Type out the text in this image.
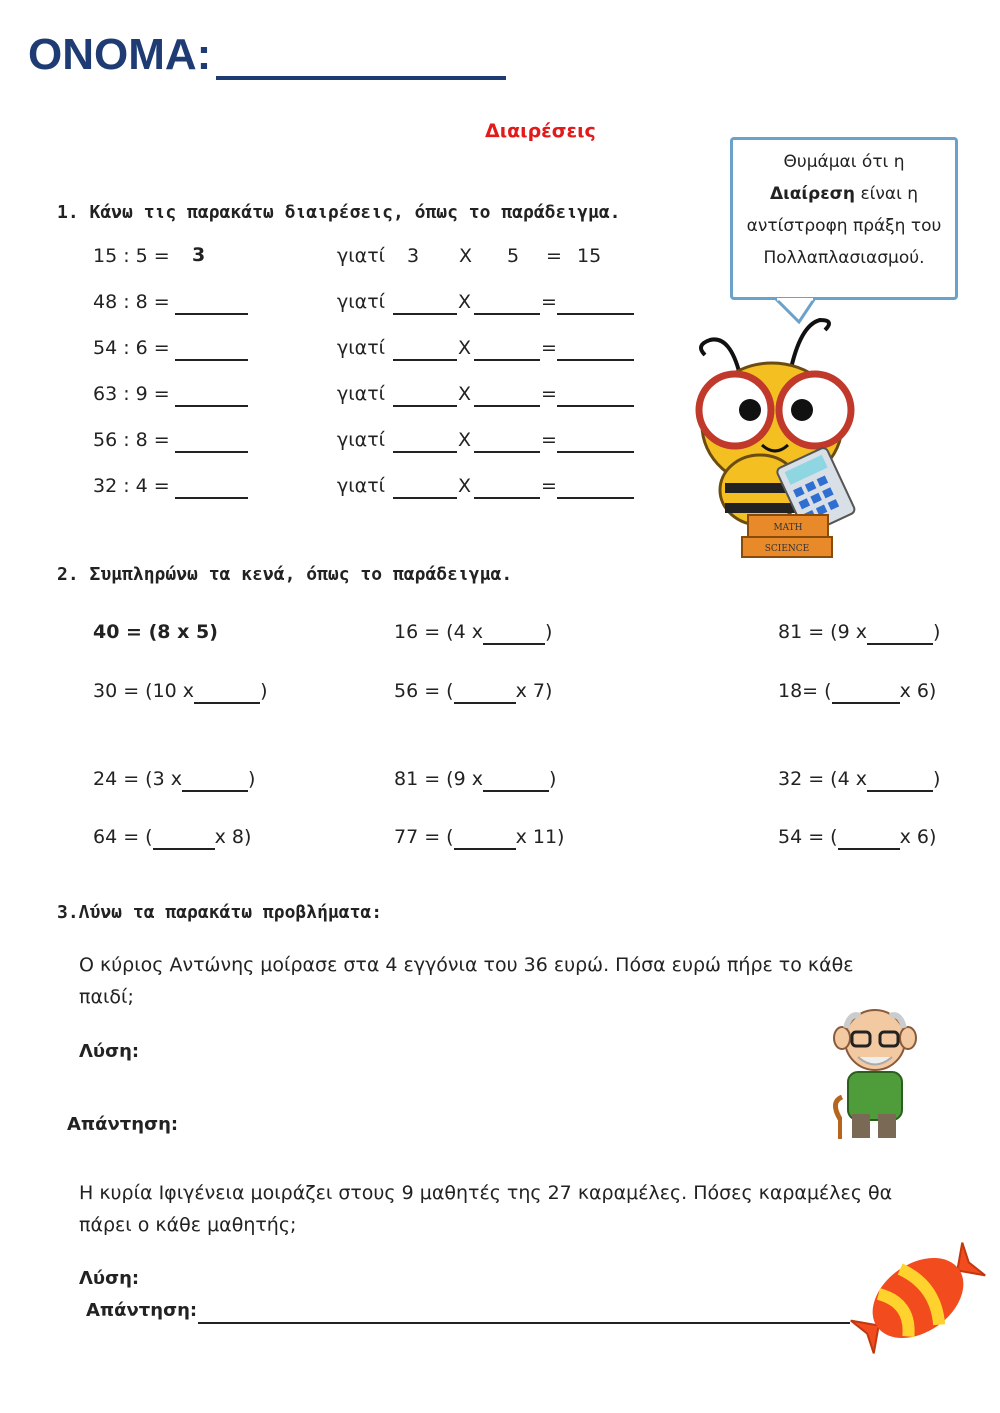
ΟΝΟΜΑ:
Διαιρέσεις
Θυμάμαι ότι η
Διαίρεση είναι η
αντίστροφη πράξη του
Πολλαπλασιασμού.
MATH
SCIENCE
1. Κάνω τις παρακάτω διαιρέσεις, όπως το παράδειγμα.
15 : 5 = 3	γιατί 3 X 5 = 15
48 : 8 =	γιατί	X	=
54 : 6 =	γιατί	X	=
63 : 9 =	γιατί	X	=
56 : 8 =	γιατί	X	=
32 : 4 =	γιατί	X	=
2. Συμπληρώνω τα κενά, όπως το παράδειγμα.
40 = (8 x 5)	16 = (4 x	)	81 = (9 x	)
30 = (10 x	)	56 = (	x 7)	18= (	x 6)
24 = (3 x	)	81 = (9 x	)	32 = (4 x	)
64 = (	x 8)	77 = (	x 11)	54 = (	x 6)
3.Λύνω τα παρακάτω προβλήματα:
Ο κύριος Αντώνης μοίρασε στα 4 εγγόνια του 36 ευρώ. Πόσα ευρώ πήρε το κάθε
παιδί;
Λύση:
Απάντηση:
Η κυρία Ιφιγένεια μοιράζει στους 9 μαθητές της 27 καραμέλες. Πόσες καραμέλες θα
πάρει ο κάθε μαθητής;
Λύση:
Απάντηση:
